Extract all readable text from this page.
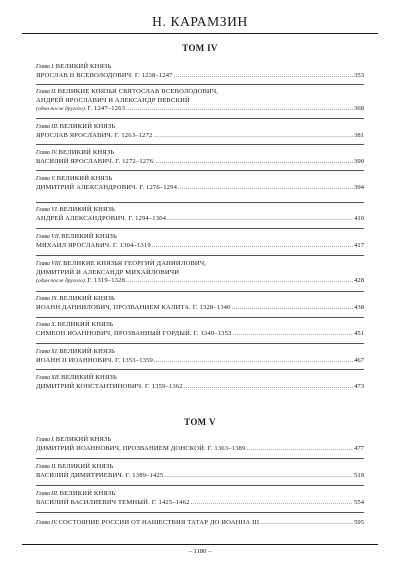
Н. КАРАМЗИН
ТОМ IV
Глава I. ВЕЛИКИЙ КНЯЗЬ
ЯРОСЛАВ II ВСЕВОЛОДОВИЧ. Г. 1238–1247 .....	353
Глава II. ВЕЛИКИЕ КНЯЗЬЯ СВЯТОСЛАВ ВСЕВОЛОДОВИЧ,
АНДРЕЙ ЯРОСЛАВИЧ И АЛЕКСАНДР НЕВСКИЙ
(один после другого). Г. 1247–1263 .....	368
Глава III. ВЕЛИКИЙ КНЯЗЬ
ЯРОСЛАВ ЯРОСЛАВИЧ. Г. 1263–1272 .....	381
Глава IV. ВЕЛИКИЙ КНЯЗЬ
ВАСИЛИЙ ЯРОСЛАВИЧ. Г. 1272–1276. .....	390
Глава V. ВЕЛИКИЙ КНЯЗЬ
ДИМИТРИЙ АЛЕКСАНДРОВИЧ. Г. 1276–1294 .....	394
Глава VI. ВЕЛИКИЙ КНЯЗЬ
АНДРЕЙ АЛЕКСАНДРОВИЧ. Г. 1294–1304 .....	410
Глава VII. ВЕЛИКИЙ КНЯЗЬ
МИХАИЛ ЯРОСЛАВИЧ. Г. 1304–1319 .....	417
Глава VIII. ВЕЛИКИЕ КНЯЗЬЯ ГЕОРГИЙ ДАНИИЛОВИЧ,
ДИМИТРИЙ И АЛЕКСАНДР МИХАЙЛОВИЧИ
(один после другого). Г. 1319–1328 .....	428
Глава IX. ВЕЛИКИЙ КНЯЗЬ
ИОАНН ДАНИИЛОВИЧ, ПРОЗВАНИЕМ КАЛИТА. Г. 1328–1340 .....	438
Глава X. ВЕЛИКИЙ КНЯЗЬ
СИМЕОН ИОАННОВИЧ, ПРОЗВАННЫЙ ГОРДЫЙ. Г. 1340–1353 .....	451
Глава XI. ВЕЛИКИЙ КНЯЗЬ
ИОАНН II ИОАННОВИЧ. Г. 1353–1359 .....	467
Глава XII. ВЕЛИКИЙ КНЯЗЬ
ДИМИТРИЙ КОНСТАНТИНОВИЧ. Г. 1359–1362 .....	473
ТОМ V
Глава I. ВЕЛИКИЙ КНЯЗЬ
ДИМИТРИЙ ИОАННОВИЧ, ПРОЗВАНИЕМ ДОНСКОЙ. Г. 1363–1389 .....	477
Глава II. ВЕЛИКИЙ КНЯЗЬ
ВАСИЛИЙ ДИМИТРИЕВИЧ. Г. 1389–1425 .....	518
Глава III. ВЕЛИКИЙ КНЯЗЬ
ВАСИЛИЙ ВАСИЛИЕВИЧ ТЕМНЫЙ. Г. 1425–1462 .....	554
Глава IV. СОСТОЯНИЕ РОССИИ ОТ НАШЕСТВИЯ ТАТАР ДО ИОАННА III .....	595
– 1180 –
